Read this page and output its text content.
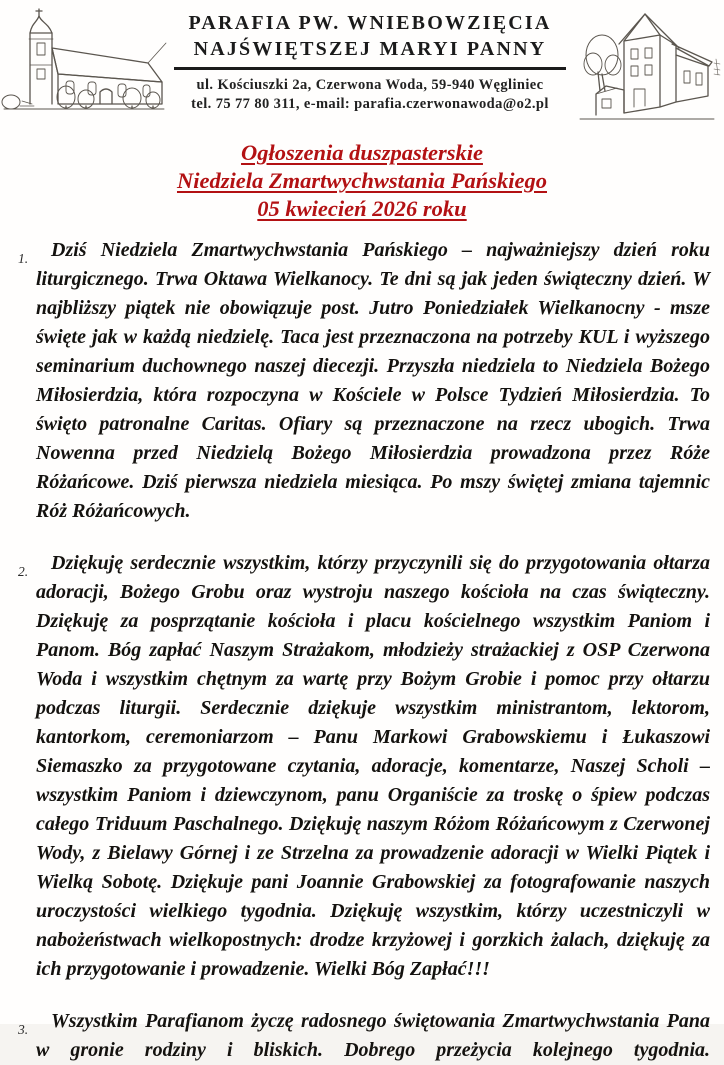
PARAFIA PW. WNIEBOWZIĘCIA
NAJŚWIĘTSZEJ MARYI PANNY
ul. Kościuszki 2a, Czerwona Woda, 59-940 Węgliniec
tel. 75 77 80 311, e-mail: parafia.czerwonawoda@o2.pl
Ogłoszenia duszpasterskie
Niedziela Zmartwychwstania Pańskiego
05 kwiecień 2026 roku

1. Dziś Niedziela Zmartwychwstania Pańskiego – najważniejszy dzień roku liturgicznego. Trwa Oktawa Wielkanocy. Te dni są jak jeden świąteczny dzień. W najbliższy piątek nie obowiązuje post. Jutro Poniedziałek Wielkanocny - msze święte jak w każdą niedzielę. Taca jest przeznaczona na potrzeby KUL i wyższego seminarium duchownego naszej diecezji. Przyszła niedziela to Niedziela Bożego Miłosierdzia, która rozpoczyna w Kościele w Polsce Tydzień Miłosierdzia. To święto patronalne Caritas. Ofiary są przeznaczone na rzecz ubogich. Trwa Nowenna przed Niedzielą Bożego Miłosierdzia prowadzona przez Róże Różańcowe. Dziś pierwsza niedziela miesiąca. Po mszy świętej zmiana tajemnic Róż Różańcowych.

2. Dziękuję serdecznie wszystkim, którzy przyczynili się do przygotowania ołtarza adoracji, Bożego Grobu oraz wystroju naszego kościoła na czas świąteczny. Dziękuję za posprzątanie kościoła i placu kościelnego wszystkim Paniom i Panom. Bóg zapłać Naszym Strażakom, młodzieży strażackiej z OSP Czerwona Woda i wszystkim chętnym za wartę przy Bożym Grobie i pomoc przy ołtarzu podczas liturgii. Serdecznie dziękuje wszystkim ministrantom, lektorom, kantorkom, ceremoniarzom – Panu Markowi Grabowskiemu i Łukaszowi Siemaszko za przygotowane czytania, adoracje, komentarze, Naszej Scholi – wszystkim Paniom i dziewczynom, panu Organiście za troskę o śpiew podczas całego Triduum Paschalnego. Dziękuję naszym Różom Różańcowym z Czerwonej Wody, z Bielawy Górnej i ze Strzelna za prowadzenie adoracji w Wielki Piątek i Wielką Sobotę. Dziękuje pani Joannie Grabowskiej za fotografowanie naszych uroczystości wielkiego tygodnia. Dziękuję wszystkim, którzy uczestniczyli w nabożeństwach wielkopostnych: drodze krzyżowej i gorzkich żalach, dziękuję za ich przygotowanie i prowadzenie. Wielki Bóg Zapłać!!!

3. Wszystkim Parafianom życzę radosnego świętowania Zmartwychwstania Pana w gronie rodziny i bliskich. Dobrego przeżycia kolejnego tygodnia.
